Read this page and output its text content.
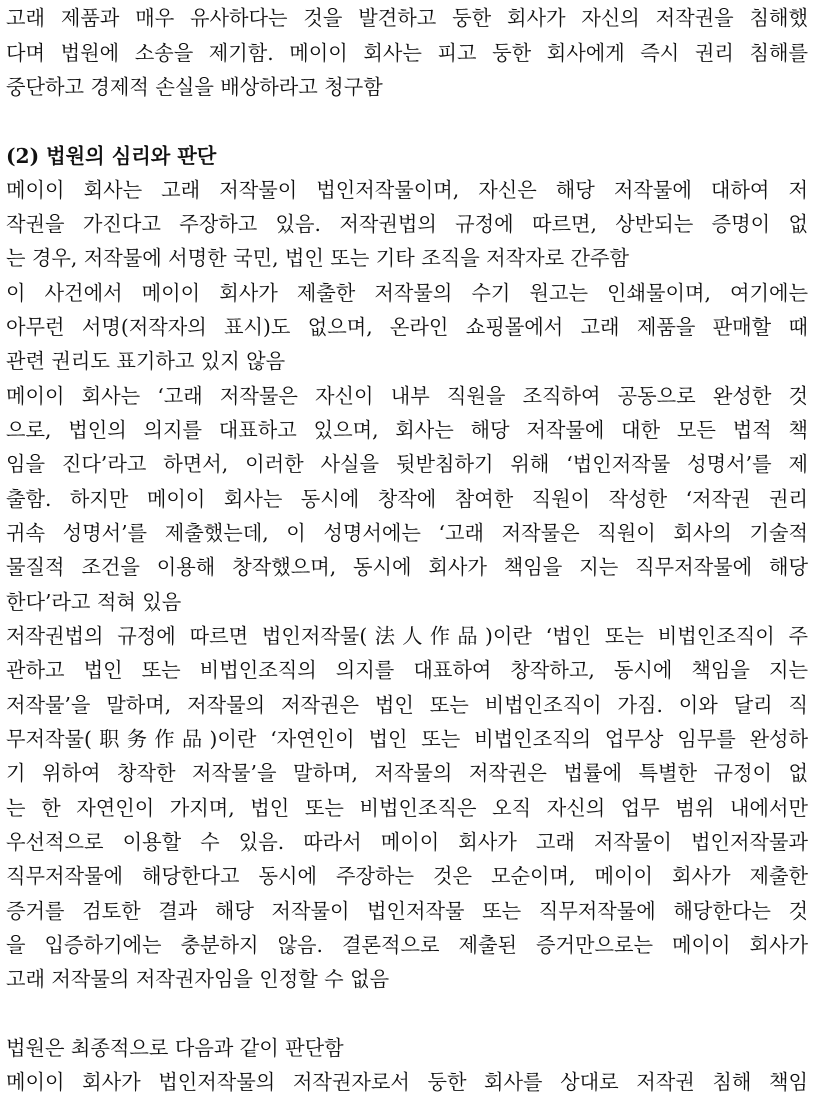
고래 제품과 매우 유사하다는 것을 발견하고 둥한 회사가 자신의 저작권을 침해했
다며 법원에 소송을 제기함. 메이이 회사는 피고 둥한 회사에게 즉시 권리 침해를
중단하고 경제적 손실을 배상하라고 청구함
(2) 법원의 심리와 판단
메이이 회사는 고래 저작물이 법인저작물이며, 자신은 해당 저작물에 대하여 저
작권을 가진다고 주장하고 있음. 저작권법의 규정에 따르면, 상반되는 증명이 없
는 경우, 저작물에 서명한 국민, 법인 또는 기타 조직을 저작자로 간주함
이 사건에서 메이이 회사가 제출한 저작물의 수기 원고는 인쇄물이며, 여기에는
아무런 서명(저작자의 표시)도 없으며, 온라인 쇼핑몰에서 고래 제품을 판매할 때
관련 권리도 표기하고 있지 않음
메이이 회사는 ‘고래 저작물은 자신이 내부 직원을 조직하여 공동으로 완성한 것
으로, 법인의 의지를 대표하고 있으며, 회사는 해당 저작물에 대한 모든 법적 책
임을 진다’라고 하면서, 이러한 사실을 뒷받침하기 위해 ‘법인저작물 성명서’를 제
출함. 하지만 메이이 회사는 동시에 창작에 참여한 직원이 작성한 ‘저작권 권리
귀속 성명서’를 제출했는데, 이 성명서에는 ‘고래 저작물은 직원이 회사의 기술적
물질적 조건을 이용해 창작했으며, 동시에 회사가 책임을 지는 직무저작물에 해당
한다’라고 적혀 있음
저작권법의 규정에 따르면 법인저작물(法人作品)이란 ‘법인 또는 비법인조직이 주
관하고 법인 또는 비법인조직의 의지를 대표하여 창작하고, 동시에 책임을 지는
저작물’을 말하며, 저작물의 저작권은 법인 또는 비법인조직이 가짐. 이와 달리 직
무저작물(职务作品)이란 ‘자연인이 법인 또는 비법인조직의 업무상 임무를 완성하
기 위하여 창작한 저작물’을 말하며, 저작물의 저작권은 법률에 특별한 규정이 없
는 한 자연인이 가지며, 법인 또는 비법인조직은 오직 자신의 업무 범위 내에서만
우선적으로 이용할 수 있음. 따라서 메이이 회사가 고래 저작물이 법인저작물과
직무저작물에 해당한다고 동시에 주장하는 것은 모순이며, 메이이 회사가 제출한
증거를 검토한 결과 해당 저작물이 법인저작물 또는 직무저작물에 해당한다는 것
을 입증하기에는 충분하지 않음. 결론적으로 제출된 증거만으로는 메이이 회사가
고래 저작물의 저작권자임을 인정할 수 없음
법원은 최종적으로 다음과 같이 판단함
메이이 회사가 법인저작물의 저작권자로서 둥한 회사를 상대로 저작권 침해 책임
